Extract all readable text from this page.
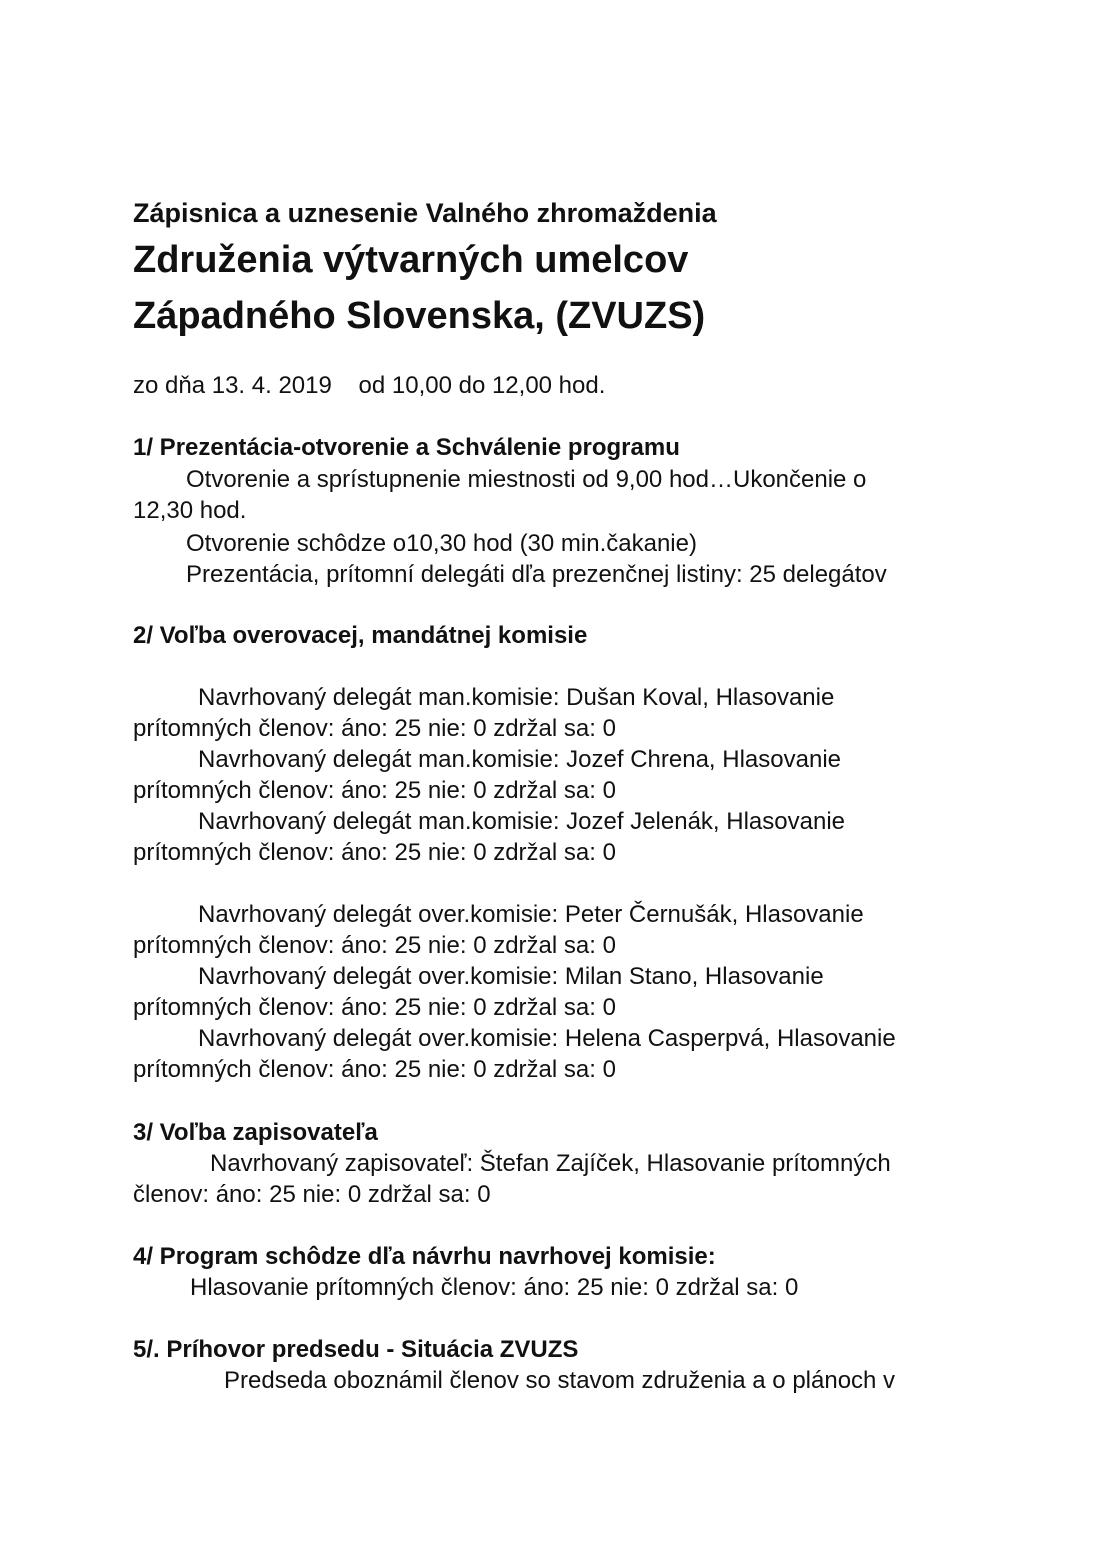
Zápisnica a uznesenie Valného zhromaždenia
Združenia výtvarných umelcov
Západného Slovenska, (ZVUZS)
zo dňa 13. 4. 2019    od 10,00 do 12,00 hod.
1/ Prezentácia-otvorenie a Schválenie programu
Otvorenie a sprístupnenie miestnosti od 9,00 hod…Ukončenie o
12,30 hod.
Otvorenie schôdze o10,30 hod (30 min.čakanie)
Prezentácia, prítomní delegáti dľa prezenčnej listiny: 25 delegátov
2/ Voľba overovacej, mandátnej komisie
Navrhovaný delegát man.komisie: Dušan Koval, Hlasovanie
prítomných členov: áno: 25 nie: 0 zdržal sa: 0
Navrhovaný delegát man.komisie: Jozef Chrena, Hlasovanie
prítomných členov: áno: 25 nie: 0 zdržal sa: 0
Navrhovaný delegát man.komisie: Jozef Jelenák, Hlasovanie
prítomných členov: áno: 25 nie: 0 zdržal sa: 0
Navrhovaný delegát over.komisie: Peter Černušák, Hlasovanie
prítomných členov: áno: 25 nie: 0 zdržal sa: 0
Navrhovaný delegát over.komisie: Milan Stano, Hlasovanie
prítomných členov: áno: 25 nie: 0 zdržal sa: 0
Navrhovaný delegát over.komisie: Helena Casperpvá, Hlasovanie
prítomných členov: áno: 25 nie: 0 zdržal sa: 0
3/ Voľba zapisovateľa
Navrhovaný zapisovateľ: Štefan Zajíček, Hlasovanie prítomných
členov: áno: 25 nie: 0 zdržal sa: 0
4/ Program schôdze dľa návrhu navrhovej komisie:
Hlasovanie prítomných členov: áno: 25 nie: 0 zdržal sa: 0
5/. Príhovor predsedu - Situácia ZVUZS
Predseda oboznámil členov so stavom združenia a o plánoch v
